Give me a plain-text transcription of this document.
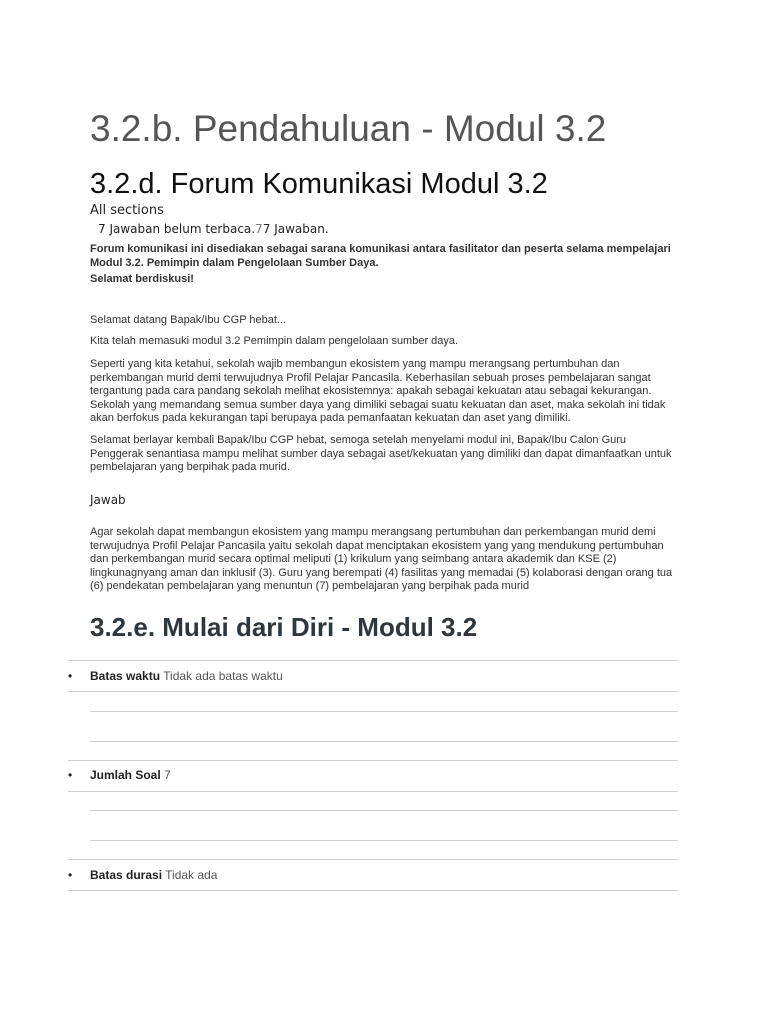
3.2.b. Pendahuluan - Modul 3.2
3.2.d. Forum Komunikasi Modul 3.2
All sections
7 Jawaban belum terbaca.77 Jawaban.
Forum komunikasi ini disediakan sebagai sarana komunikasi antara fasilitator dan peserta selama mempelajari Modul 3.2. Pemimpin dalam Pengelolaan Sumber Daya.
Selamat berdiskusi!
Selamat datang Bapak/Ibu CGP hebat...
Kita telah memasuki modul 3.2 Pemimpin dalam pengelolaan sumber daya.
Seperti yang kita ketahui, sekolah wajib membangun ekosistem yang mampu merangsang pertumbuhan dan perkembangan murid demi terwujudnya Profil Pelajar Pancasila. Keberhasilan sebuah proses pembelajaran sangat tergantung pada cara pandang sekolah melihat ekosistemnya: apakah sebagai kekuatan atau sebagai kekurangan. Sekolah yang memandang semua sumber daya yang dimiliki sebagai suatu kekuatan dan aset, maka sekolah ini tidak akan berfokus pada kekurangan tapi berupaya pada pemanfaatan kekuatan dan aset yang dimiliki.
Selamat berlayar kembali Bapak/Ibu CGP hebat, semoga setelah menyelami modul ini, Bapak/Ibu Calon Guru Penggerak senantiasa mampu melihat sumber daya sebagai aset/kekuatan yang dimiliki dan dapat dimanfaatkan untuk pembelajaran yang berpihak pada murid.
Jawab
Agar sekolah dapat membangun ekosistem yang mampu merangsang pertumbuhan dan perkembangan murid demi terwujudnya Profil Pelajar Pancasila yaitu sekolah dapat menciptakan ekosistem yang yang mendukung pertumbuhan dan perkembangan murid secara optimal meliputi (1) krikulum yang seimbang antara akademik dan KSE (2) lingkunagnyang aman dan inklusif (3). Guru yang berempati (4) fasilitas yang memadai (5) kolaborasi dengan orang tua (6) pendekatan pembelajaran yang menuntun (7) pembelajaran yang berpihak pada murid
3.2.e. Mulai dari Diri - Modul 3.2
• Batas waktu Tidak ada batas waktu
• Jumlah Soal 7
• Batas durasi Tidak ada
